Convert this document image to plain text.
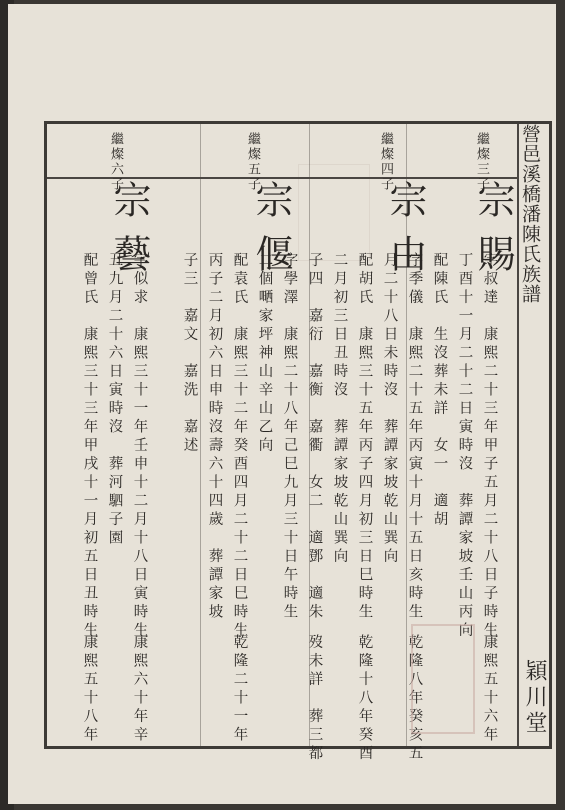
營邑溪橋潘陳氏族譜
穎川堂
繼燦三子
宗賜
字叔達　康熙二十三年甲子五月二十八日子時生
丁酉十一月二十二日寅時沒　葬譚家坡壬山丙向
配陳氏　生沒葬未詳　女一　適胡
繼燦四子
宗由
字季儀　康熙二十五年丙寅十月十五日亥時生
月二十八日未時沒　葬譚家坡乾山巽向
配胡氏　康熙三十五年丙子四月初三日巳時生
二月初三日丑時沒　葬譚家坡乾山巽向
子四　嘉衍　嘉衡　嘉衢　女二　適鄧　適朱
繼燦五子
宗偃
字學澤　康熙二十八年己巳九月三十日午時生
二個嗮家坪神山辛山乙向
配袁氏　康熙三十二年癸酉四月二十二日巳時生
丙子二月初六日申時沒壽六十四歲　葬譚家坡
子三　嘉文　嘉洗　嘉述
繼燦六子
宗藝
字似求　康熙三十一年壬申十二月十八日寅時生
丑九月二十六日寅時沒　葬河駟子園
配曾氏　康熙三十三年甲戌十一月初五日丑時生
康熙五十六年
乾隆八年癸亥五
乾隆十八年癸酉
歿未詳　葬三都
乾隆二十一年
康熙六十年辛
康熙五十八年
